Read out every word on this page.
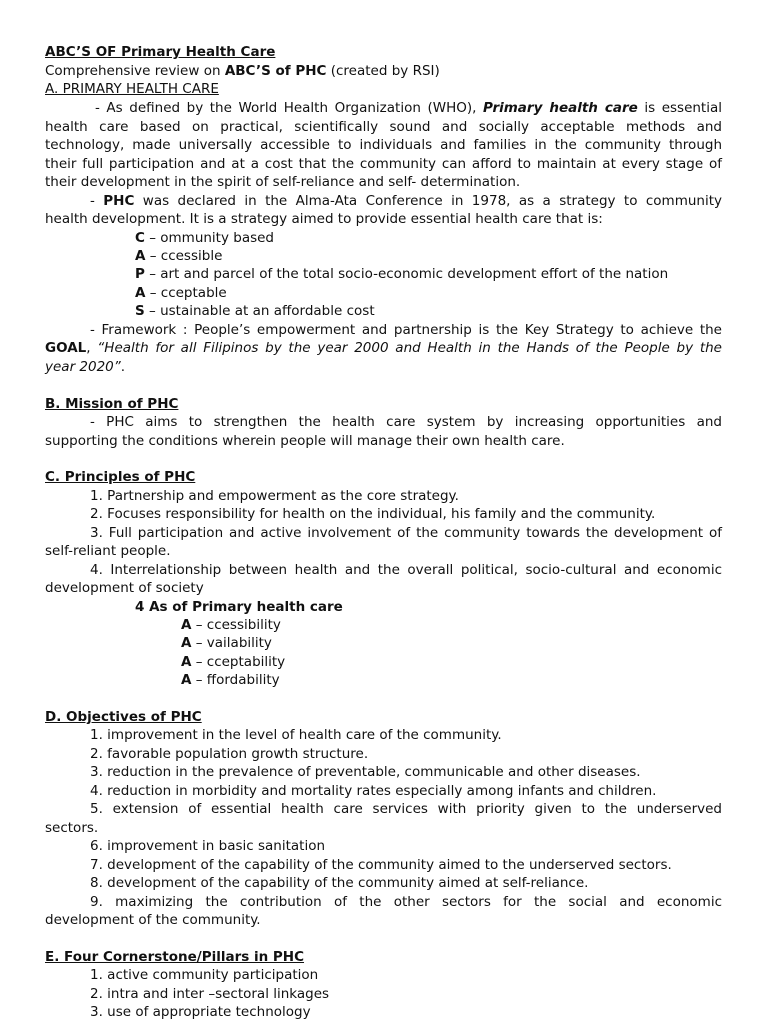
ABC’S OF Primary Health Care
Comprehensive review on ABC’S of PHC (created by RSI)
A. PRIMARY HEALTH CARE
- As defined by the World Health Organization (WHO), Primary health care is essential
health care based on practical, scientifically sound and socially acceptable methods and
technology, made universally accessible to individuals and families in the community through
their full participation and at a cost that the community can afford to maintain at every stage of
their development in the spirit of self-reliance and self- determination.
- PHC was declared in the Alma-Ata Conference in 1978, as a strategy to community
health development. It is a strategy aimed to provide essential health care that is:
C – ommunity based
A – ccessible
P – art and parcel of the total socio-economic development effort of the nation
A – cceptable
S – ustainable at an affordable cost
- Framework : People’s empowerment and partnership is the Key Strategy to achieve the
GOAL, “Health for all Filipinos by the year 2000 and Health in the Hands of the People by the
year 2020”.
B. Mission of PHC
- PHC aims to strengthen the health care system by increasing opportunities and
supporting the conditions wherein people will manage their own health care.
C. Principles of PHC
1. Partnership and empowerment as the core strategy.
2. Focuses responsibility for health on the individual, his family and the community.
3. Full participation and active involvement of the community towards the development of
self-reliant people.
4. Interrelationship between health and the overall political, socio-cultural and economic
development of society
4 As of Primary health care
A – ccessibility
A – vailability
A – cceptability
A – ffordability
D. Objectives of PHC
1. improvement in the level of health care of the community.
2. favorable population growth structure.
3. reduction in the prevalence of preventable, communicable and other diseases.
4. reduction in morbidity and mortality rates especially among infants and children.
5. extension of essential health care services with priority given to the underserved
sectors.
6. improvement in basic sanitation
7. development of the capability of the community aimed to the underserved sectors.
8. development of the capability of the community aimed at self-reliance.
9. maximizing the contribution of the other sectors for the social and economic
development of the community.
E. Four Cornerstone/Pillars in PHC
1. active community participation
2. intra and inter –sectoral linkages
3. use of appropriate technology
